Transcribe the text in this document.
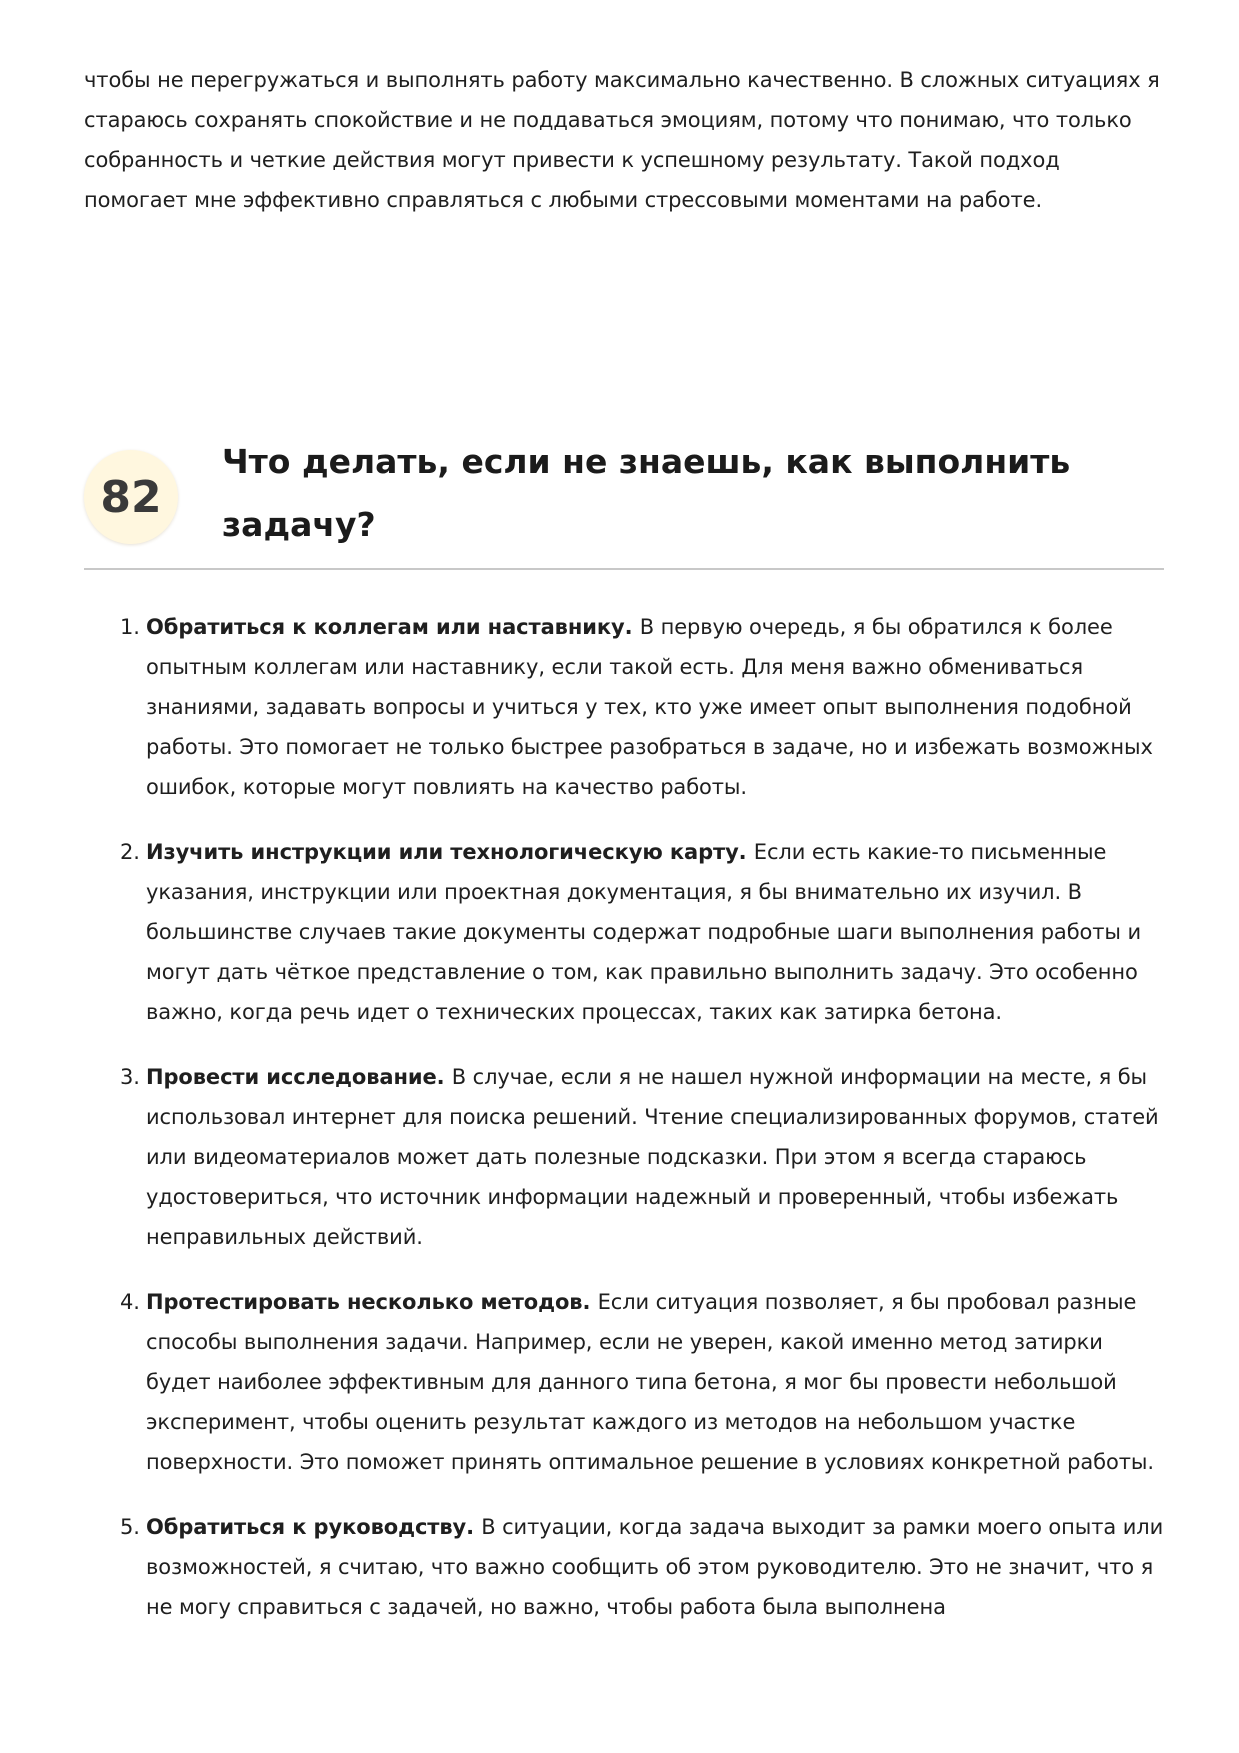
чтобы не перегружаться и выполнять работу максимально качественно. В сложных ситуациях я стараюсь сохранять спокойствие и не поддаваться эмоциям, потому что понимаю, что только собранность и четкие действия могут привести к успешному результату. Такой подход помогает мне эффективно справляться с любыми стрессовыми моментами на работе.

82
Что делать, если не знаешь, как выполнить задачу?
1. Обратиться к коллегам или наставнику. В первую очередь, я бы обратился к более опытным коллегам или наставнику, если такой есть. Для меня важно обмениваться знаниями, задавать вопросы и учиться у тех, кто уже имеет опыт выполнения подобной работы. Это помогает не только быстрее разобраться в задаче, но и избежать возможных ошибок, которые могут повлиять на качество работы.
2. Изучить инструкции или технологическую карту. Если есть какие-то письменные указания, инструкции или проектная документация, я бы внимательно их изучил. В большинстве случаев такие документы содержат подробные шаги выполнения работы и могут дать чёткое представление о том, как правильно выполнить задачу. Это особенно важно, когда речь идет о технических процессах, таких как затирка бетона.
3. Провести исследование. В случае, если я не нашел нужной информации на месте, я бы использовал интернет для поиска решений. Чтение специализированных форумов, статей или видеоматериалов может дать полезные подсказки. При этом я всегда стараюсь удостовериться, что источник информации надежный и проверенный, чтобы избежать неправильных действий.
4. Протестировать несколько методов. Если ситуация позволяет, я бы пробовал разные способы выполнения задачи. Например, если не уверен, какой именно метод затирки будет наиболее эффективным для данного типа бетона, я мог бы провести небольшой эксперимент, чтобы оценить результат каждого из методов на небольшом участке поверхности. Это поможет принять оптимальное решение в условиях конкретной работы.
5. Обратиться к руководству. В ситуации, когда задача выходит за рамки моего опыта или возможностей, я считаю, что важно сообщить об этом руководителю. Это не значит, что я не могу справиться с задачей, но важно, чтобы работа была выполнена
